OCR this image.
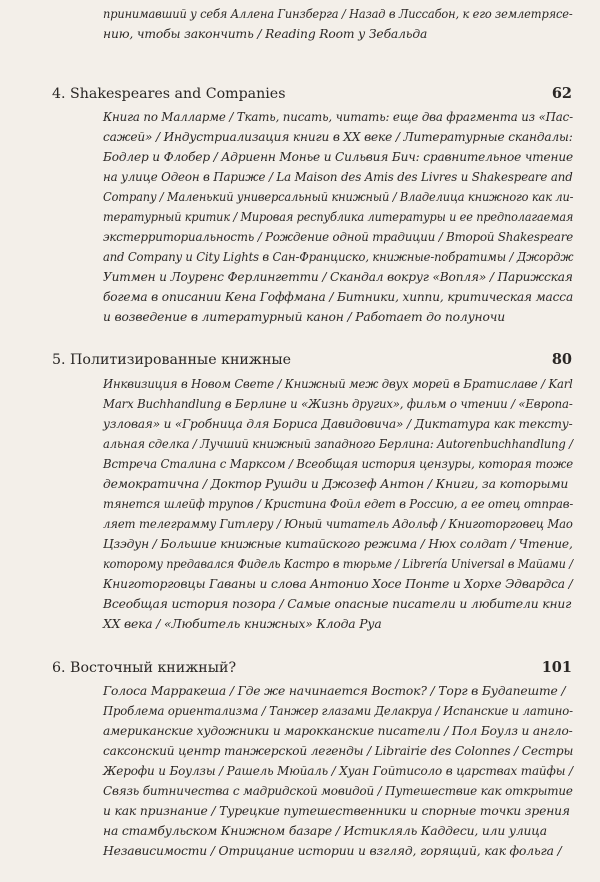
принимавший у себя Аллена Гинзберга / Назад в Лиссабон, к его землетрясе-
нию, чтобы закончить / Reading Room у Зебальда
4. Shakespeares and Companies	62
Книга по Малларме / Ткать, писать, читать: еще два фрагмента из «Пас-
сажей» / Индустриализация книги в XX веке / Литературные скандалы:
Бодлер и Флобер / Адриенн Монье и Сильвия Бич: сравнительное чтение
на улице Одеон в Париже / La Maison des Amis des Livres и Shakespeare and
Company / Маленький универсальный книжный / Владелица книжного как ли-
тературный критик / Мировая республика литературы и ее предполагаемая
экстерриториальность / Рождение одной традиции / Второй Shakespeare
and Company и City Lights в Сан-Франциско, книжные-побратимы / Джордж
Уитмен и Лоуренс Ферлингетти / Скандал вокруг «Вопля» / Парижская
богема в описании Кена Гоффмана / Битники, хиппи, критическая масса
и возведение в литературный канон / Работает до полуночи
5. Политизированные книжные	80
Инквизиция в Новом Свете / Книжный меж двух морей в Братиславе / Karl
Marx Buchhandlung в Берлине и «Жизнь других», фильм о чтении / «Европа-
узловая» и «Гробница для Бориса Давидовича» / Диктатура как тексту-
альная сделка / Лучший книжный западного Берлина: Autorenbuchhandlung /
Встреча Сталина с Марксом / Всеобщая история цензуры, которая тоже
демократична / Доктор Рушди и Джозеф Антон / Книги, за которыми
тянется шлейф трупов / Кристина Фойл едет в Россию, а ее отец отправ-
ляет телеграмму Гитлеру / Юный читатель Адольф / Книготорговец Мао
Цзэдун / Большие книжные китайского режима / Нюх солдат / Чтение,
которому предавался Фидель Кастро в тюрьме / Librería Universal в Майами /
Книготорговцы Гаваны и слова Антонио Хосе Понте и Хорхе Эдвардса /
Всеобщая история позора / Самые опасные писатели и любители книг
XX века / «Любитель книжных» Клода Руа
6. Восточный книжный?	101
Голоса Марракеша / Где же начинается Восток? / Торг в Будапеште /
Проблема ориентализма / Танжер глазами Делакруа / Испанские и латино-
американские художники и марокканские писатели / Пол Боулз и англо-
саксонский центр танжерской легенды / Librairie des Colonnes / Сестры
Жерофи и Боулзы / Рашель Мюйаль / Хуан Гойтисоло в царствах тайфы /
Связь битничества с мадридской мовидой / Путешествие как открытие
и как признание / Турецкие путешественники и спорные точки зрения
на стамбульском Книжном базаре / Истикляль Каддеси, или улица
Независимости / Отрицание истории и взгляд, горящий, как фольга /
